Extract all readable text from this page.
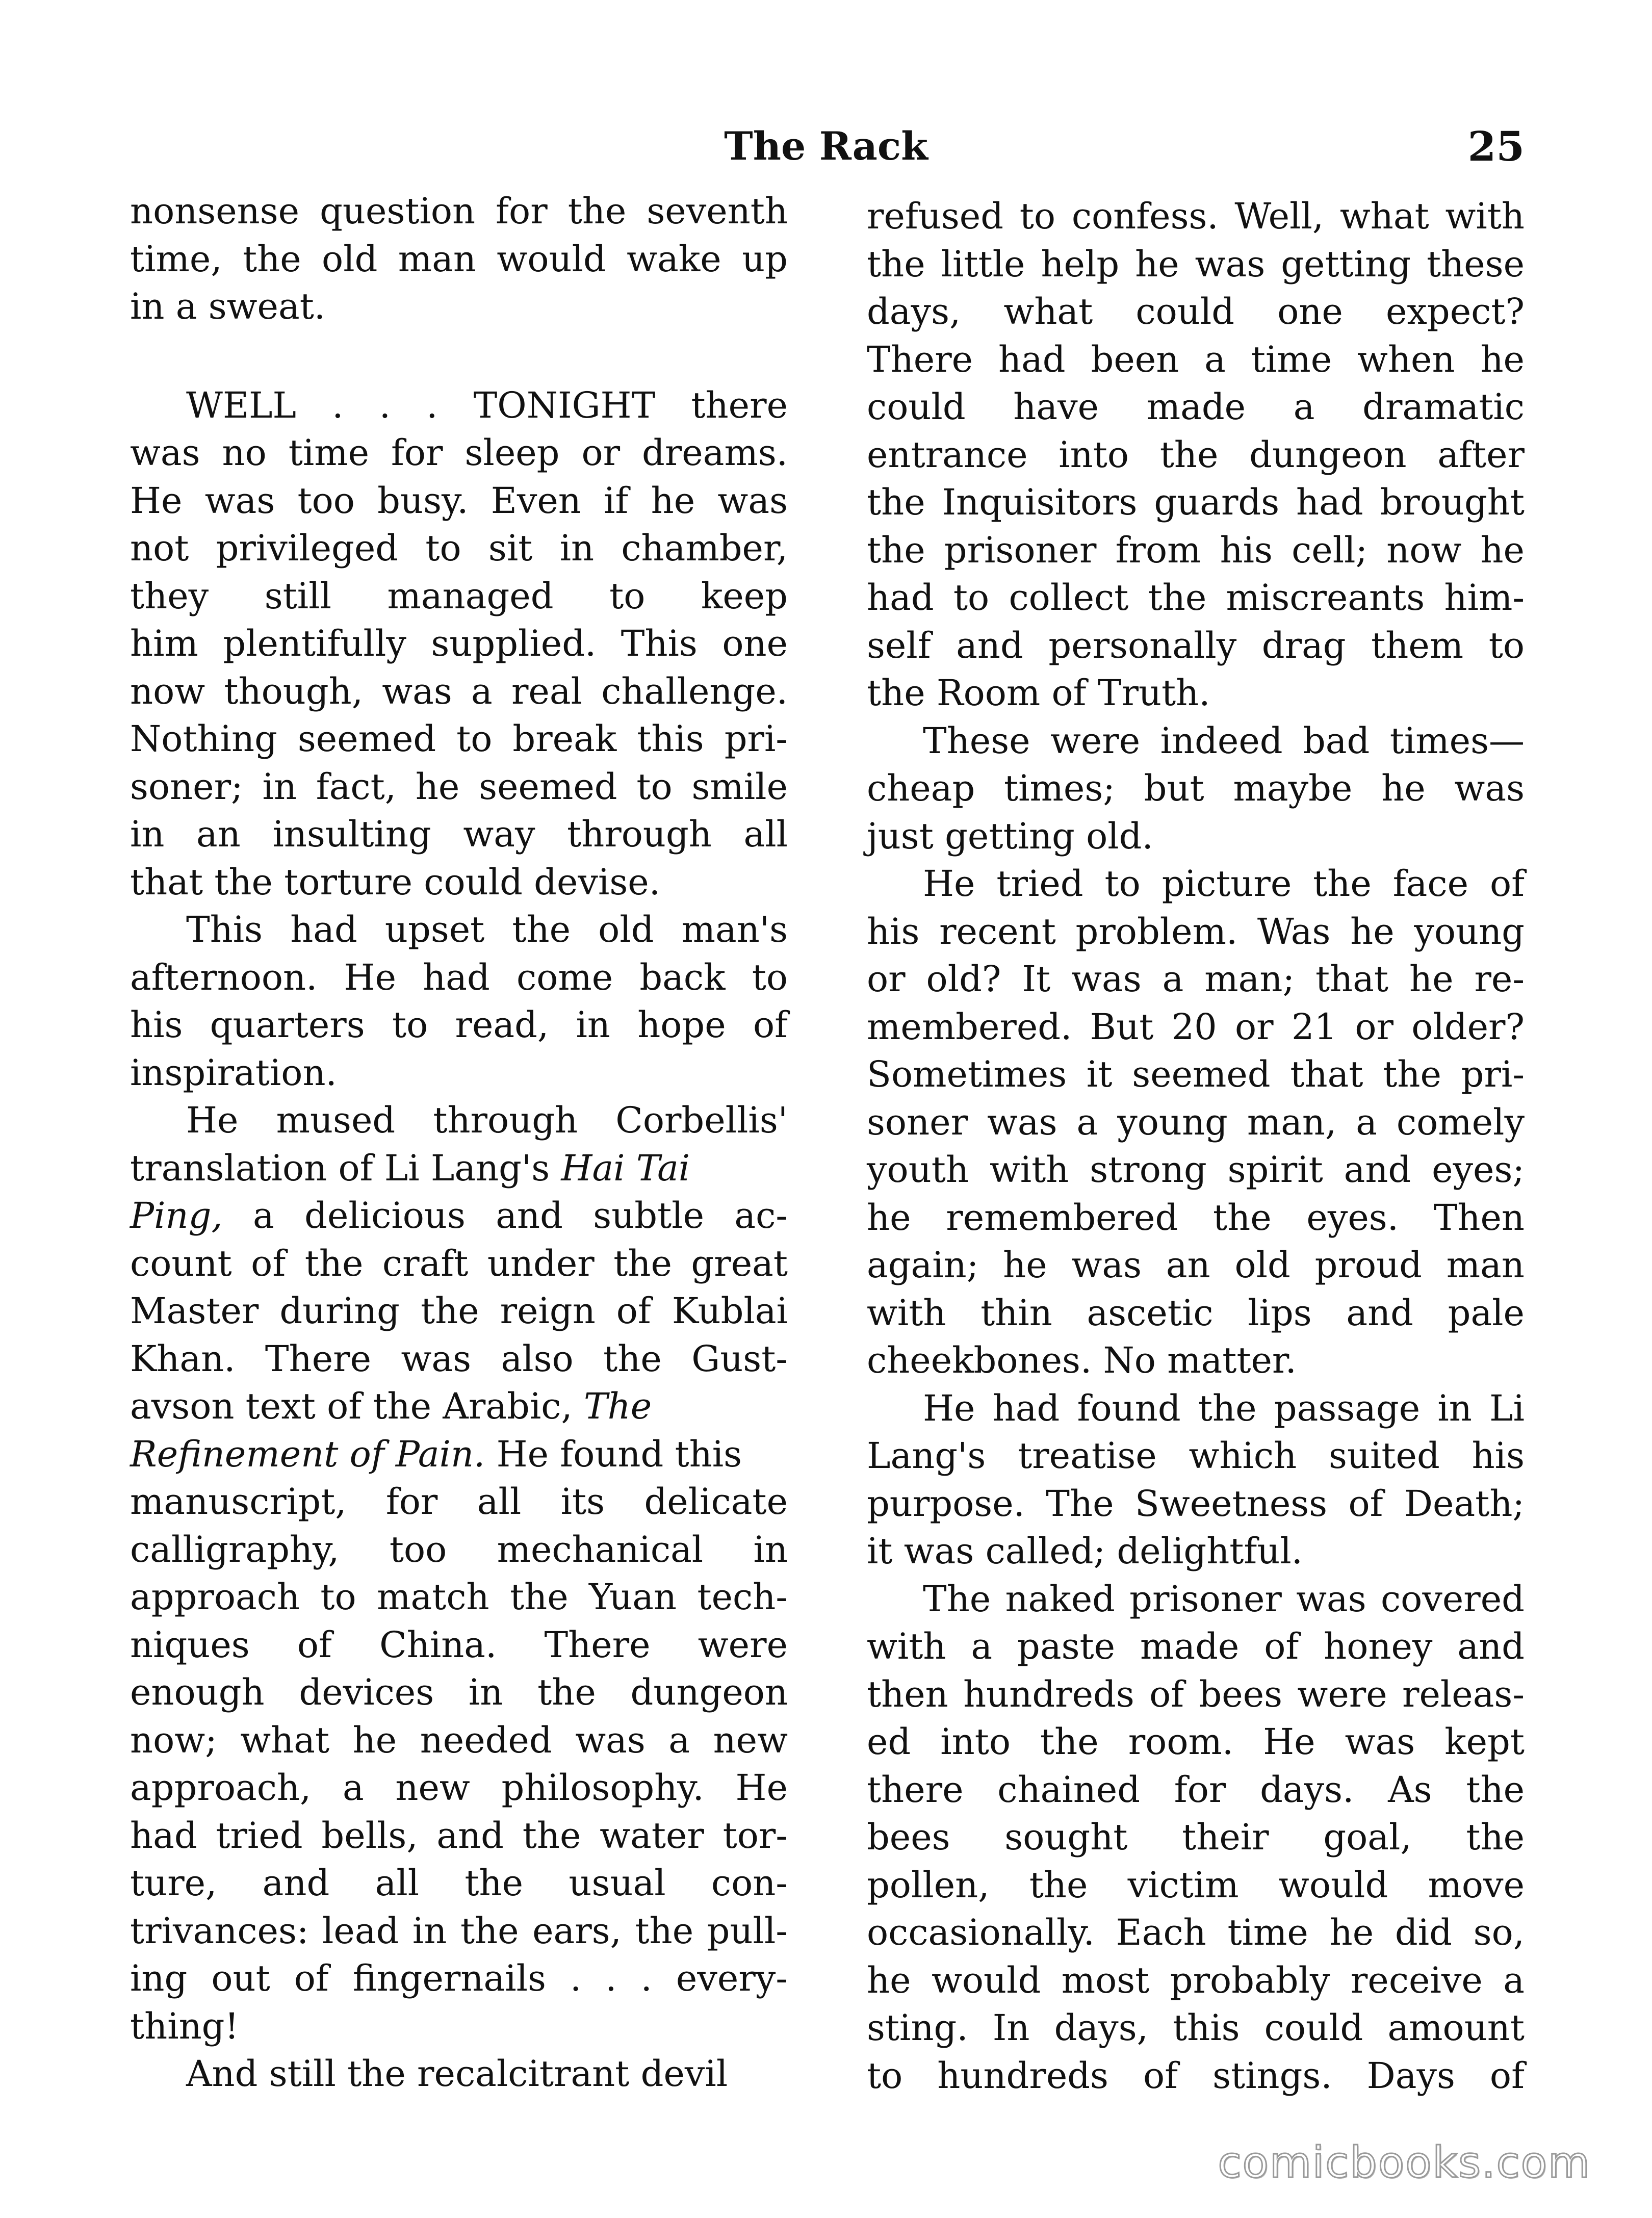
The Rack	25
nonsense question for the seventh
time, the old man would wake up
in a sweat.
WELL . . . TONIGHT there
was no time for sleep or dreams.
He was too busy. Even if he was
not privileged to sit in chamber,
they still managed to keep
him plentifully supplied. This one
now though, was a real challenge.
Nothing seemed to break this pri-
soner; in fact, he seemed to smile
in an insulting way through all
that the torture could devise.
This had upset the old man's
afternoon. He had come back to
his quarters to read, in hope of
inspiration.
He mused through Corbellis'
translation of Li Lang's Hai Tai
Ping, a delicious and subtle ac-
count of the craft under the great
Master during the reign of Kublai
Khan. There was also the Gust-
avson text of the Arabic, The
Refinement of Pain. He found this
manuscript, for all its delicate
calligraphy, too mechanical in
approach to match the Yuan tech-
niques of China. There were
enough devices in the dungeon
now; what he needed was a new
approach, a new philosophy. He
had tried bells, and the water tor-
ture, and all the usual con-
trivances: lead in the ears, the pull-
ing out of fingernails . . . every-
thing!
And still the recalcitrant devil
refused to confess. Well, what with
the little help he was getting these
days, what could one expect?
There had been a time when he
could have made a dramatic
entrance into the dungeon after
the Inquisitors guards had brought
the prisoner from his cell; now he
had to collect the miscreants him-
self and personally drag them to
the Room of Truth.
These were indeed bad times—
cheap times; but maybe he was
just getting old.
He tried to picture the face of
his recent problem. Was he young
or old? It was a man; that he re-
membered. But 20 or 21 or older?
Sometimes it seemed that the pri-
soner was a young man, a comely
youth with strong spirit and eyes;
he remembered the eyes. Then
again; he was an old proud man
with thin ascetic lips and pale
cheekbones. No matter.
He had found the passage in Li
Lang's treatise which suited his
purpose. The Sweetness of Death;
it was called; delightful.
The naked prisoner was covered
with a paste made of honey and
then hundreds of bees were releas-
ed into the room. He was kept
there chained for days. As the
bees sought their goal, the
pollen, the victim would move
occasionally. Each time he did so,
he would most probably receive a
sting. In days, this could amount
to hundreds of stings. Days of
comicbooks.com
